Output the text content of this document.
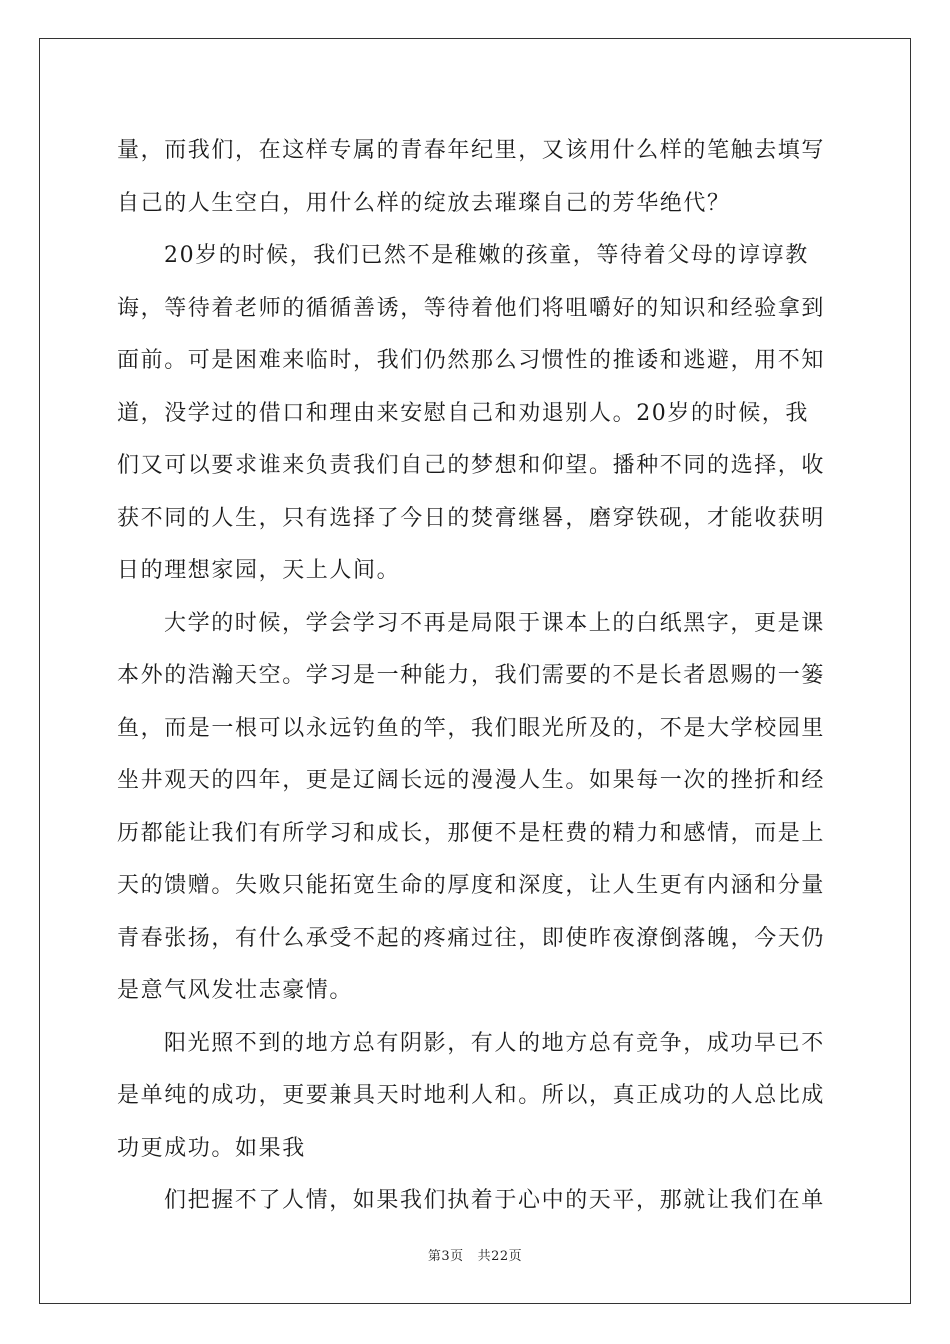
量，而我们，在这样专属的青春年纪里，又该用什么样的笔触去填写
自己的人生空白，用什么样的绽放去璀璨自己的芳华绝代？
20岁的时候，我们已然不是稚嫩的孩童，等待着父母的谆谆教
诲，等待着老师的循循善诱，等待着他们将咀嚼好的知识和经验拿到
面前。可是困难来临时，我们仍然那么习惯性的推诿和逃避，用不知
道，没学过的借口和理由来安慰自己和劝退别人。20岁的时候，我
们又可以要求谁来负责我们自己的梦想和仰望。播种不同的选择，收
获不同的人生，只有选择了今日的焚膏继晷，磨穿铁砚，才能收获明
日的理想家园，天上人间。
大学的时候，学会学习不再是局限于课本上的白纸黑字，更是课
本外的浩瀚天空。学习是一种能力，我们需要的不是长者恩赐的一篓
鱼，而是一根可以永远钓鱼的竿，我们眼光所及的，不是大学校园里
坐井观天的四年，更是辽阔长远的漫漫人生。如果每一次的挫折和经
历都能让我们有所学习和成长，那便不是枉费的精力和感情，而是上
天的馈赠。失败只能拓宽生命的厚度和深度，让人生更有内涵和分量
青春张扬，有什么承受不起的疼痛过往，即使昨夜潦倒落魄，今天仍
是意气风发壮志豪情。
阳光照不到的地方总有阴影，有人的地方总有竞争，成功早已不
是单纯的成功，更要兼具天时地利人和。所以，真正成功的人总比成
功更成功。如果我
们把握不了人情，如果我们执着于心中的天平，那就让我们在单
第3页 共22页
